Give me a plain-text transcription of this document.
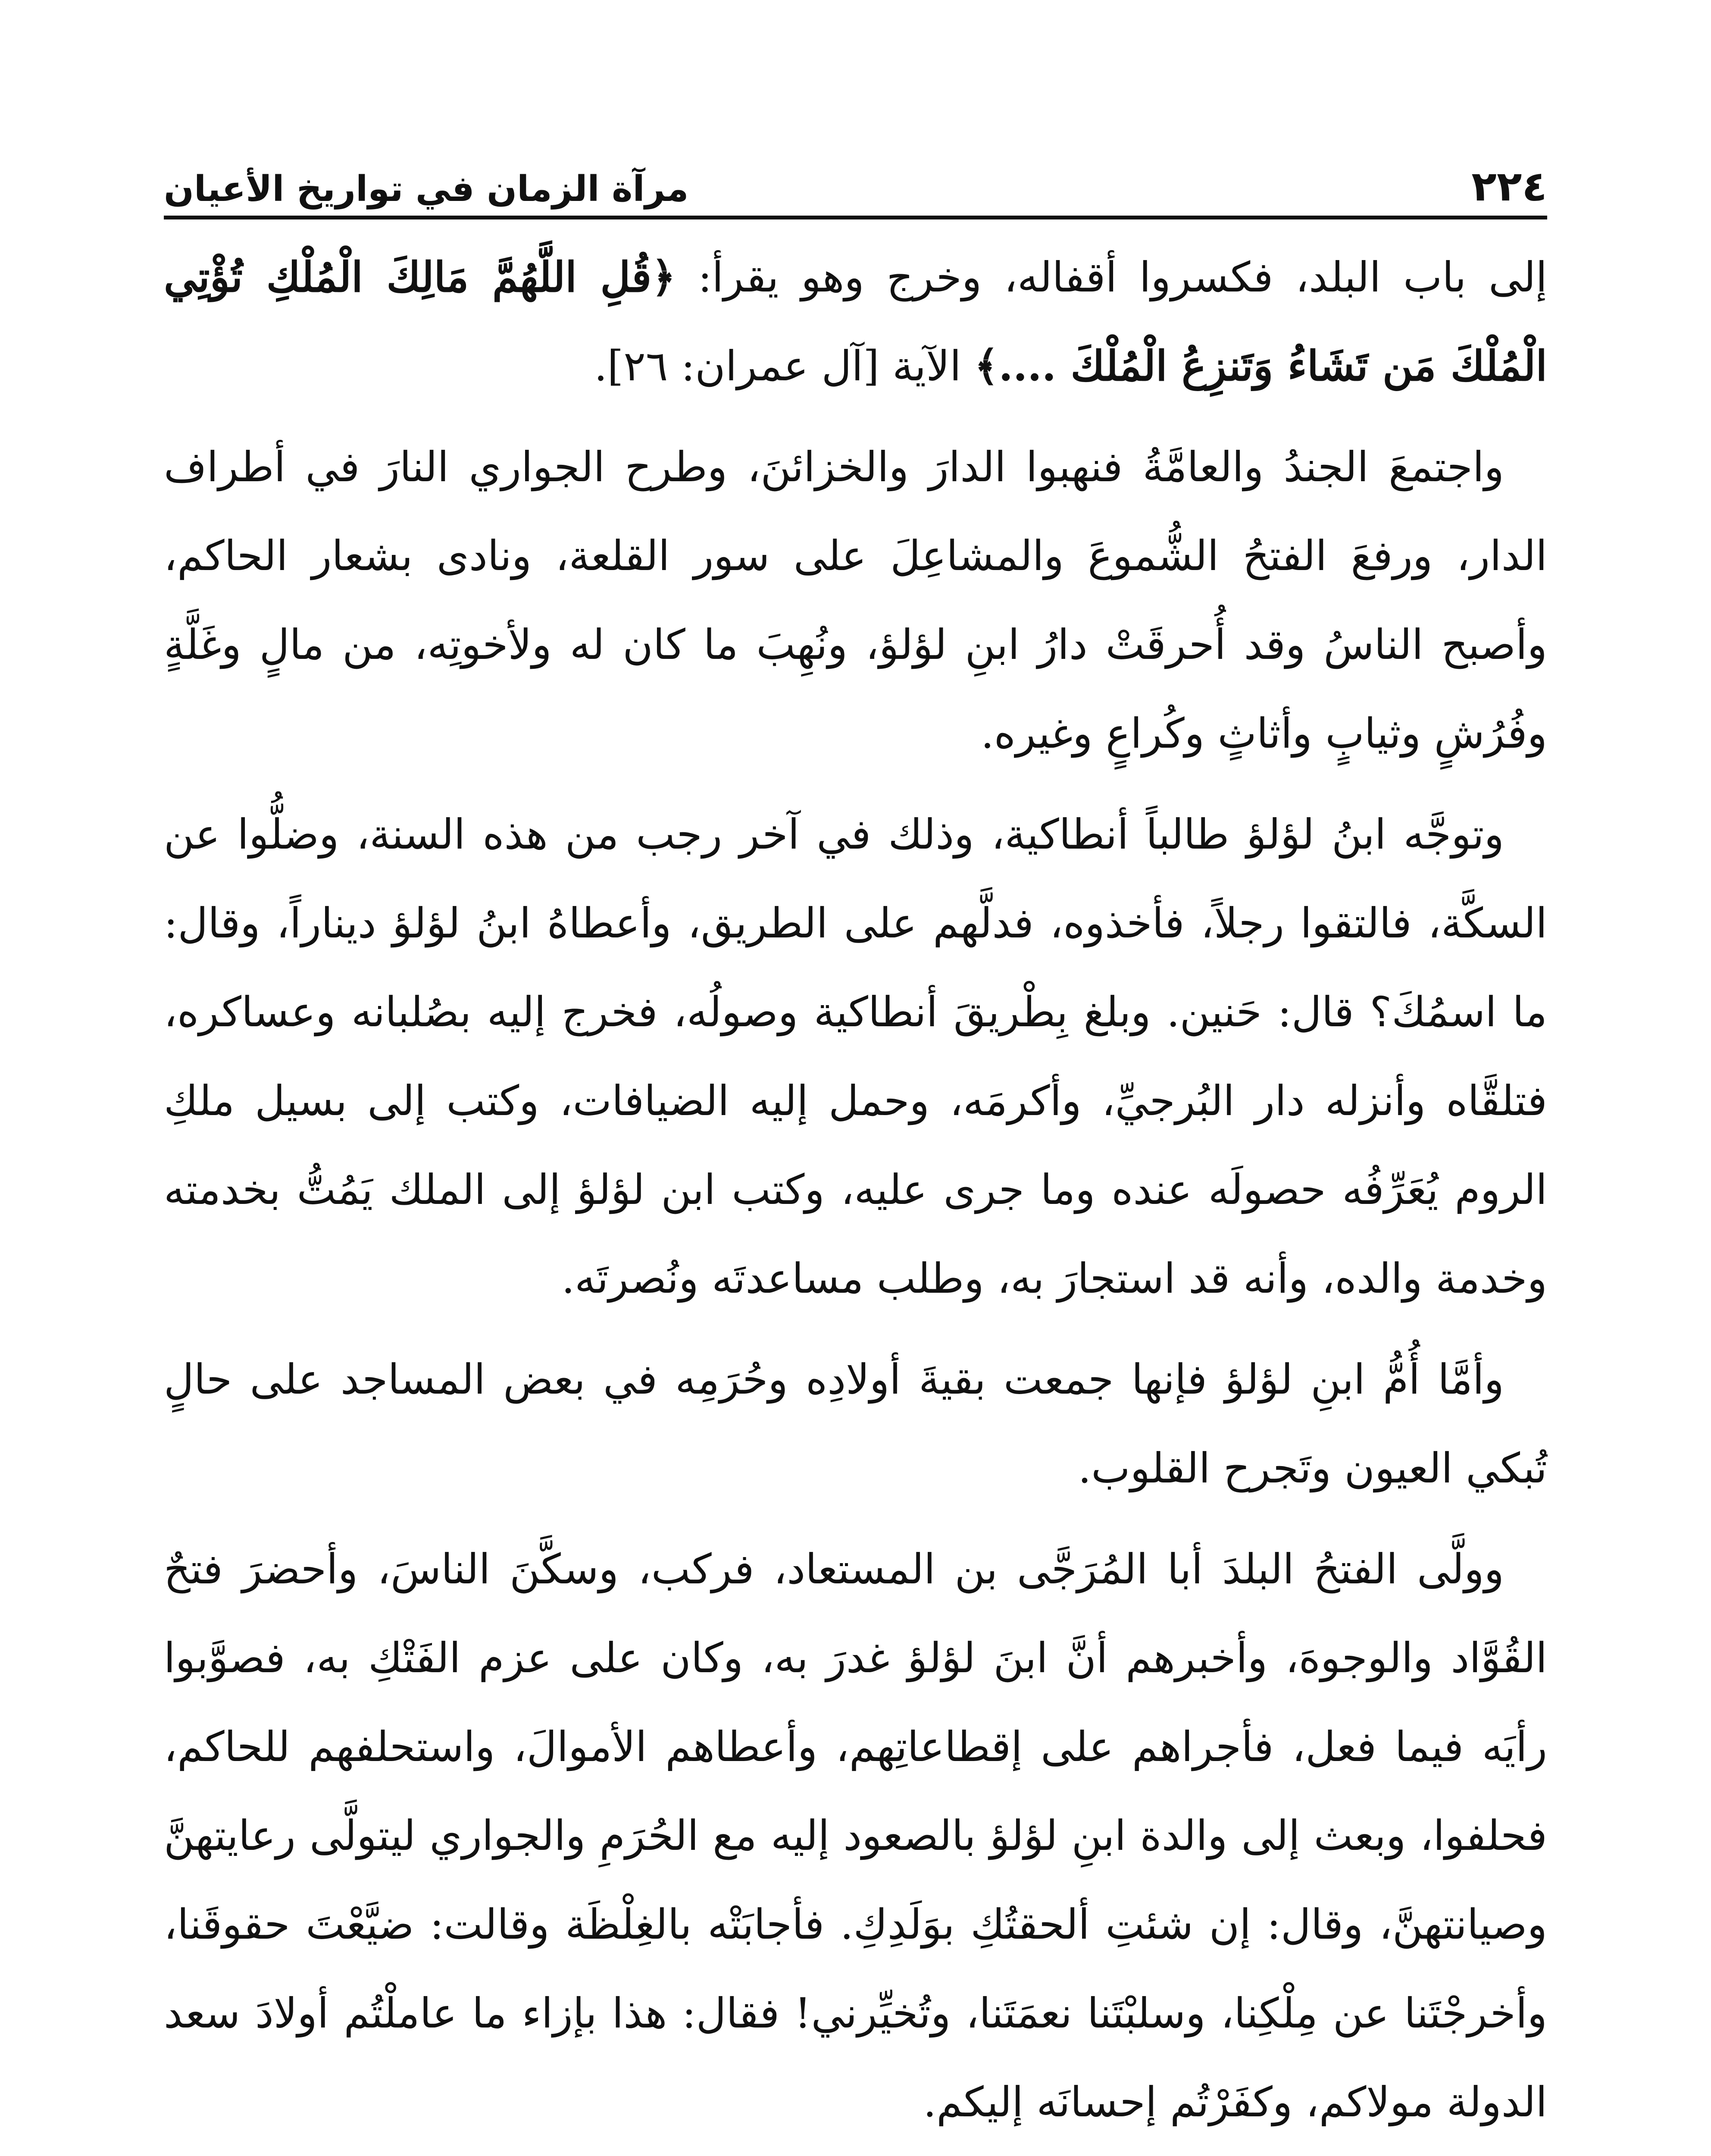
٢٢٤
مرآة الزمان في تواريخ الأعيان

إلى باب البلد، فكسروا أقفاله، وخرج وهو يقرأ: ﴿قُلِ اللَّهُمَّ مَالِكَ الْمُلْكِ تُؤْتِي الْمُلْكَ مَن تَشَاءُ وَتَنزِعُ الْمُلْكَ ....﴾ الآية [آل عمران: ٢٦].

واجتمعَ الجندُ والعامَّةُ فنهبوا الدارَ والخزائنَ، وطرح الجواري النارَ في أطراف الدار، ورفعَ الفتحُ الشُّموعَ والمشاعِلَ على سور القلعة، ونادى بشعار الحاكم، وأصبح الناسُ وقد أُحرقَتْ دارُ ابنِ لؤلؤ، ونُهِبَ ما كان له ولأخوتِه، من مالٍ وغَلَّةٍ وفُرُشٍ وثيابٍ وأثاثٍ وكُراعٍ وغيره.

وتوجَّه ابنُ لؤلؤ طالباً أنطاكية، وذلك في آخر رجب من هذه السنة، وضلُّوا عن السكَّة، فالتقوا رجلاً، فأخذوه، فدلَّهم على الطريق، وأعطاهُ ابنُ لؤلؤ ديناراً، وقال: ما اسمُكَ؟ قال: حَنين. وبلغ بِطْريقَ أنطاكية وصولُه، فخرج إليه بصُلبانه وعساكره، فتلقَّاه وأنزله دار البُرجيِّ، وأكرمَه، وحمل إليه الضيافات، وكتب إلى بسيل ملكِ الروم يُعَرِّفُه حصولَه عنده وما جرى عليه، وكتب ابن لؤلؤ إلى الملك يَمُتُّ بخدمته وخدمة والده، وأنه قد استجارَ به، وطلب مساعدتَه ونُصرتَه.

وأمَّا أُمُّ ابنِ لؤلؤ فإنها جمعت بقيةَ أولادِه وحُرَمِه في بعض المساجد على حالٍ تُبكي العيون وتَجرح القلوب.

وولَّى الفتحُ البلدَ أبا المُرَجَّى بن المستعاد، فركب، وسكَّنَ الناسَ، وأحضرَ فتحٌ القُوَّاد والوجوهَ، وأخبرهم أنَّ ابنَ لؤلؤ غدرَ به، وكان على عزم الفَتْكِ به، فصوَّبوا رأيَه فيما فعل، فأجراهم على إقطاعاتِهم، وأعطاهم الأموالَ، واستحلفهم للحاكم، فحلفوا، وبعث إلى والدة ابنِ لؤلؤ بالصعود إليه مع الحُرَمِ والجواري ليتولَّى رعايتهنَّ وصيانتهنَّ، وقال: إن شئتِ ألحقتُكِ بوَلَدِكِ. فأجابَتْه بالغِلْظَة وقالت: ضيَّعْتَ حقوقَنا، وأخرجْتَنا عن مِلْكِنا، وسلبْتَنا نعمَتَنا، وتُخيِّرني! فقال: هذا بإزاء ما عاملْتُم أولادَ سعد الدولة مولاكم، وكفَرْتُم إحسانَه إليكم.
